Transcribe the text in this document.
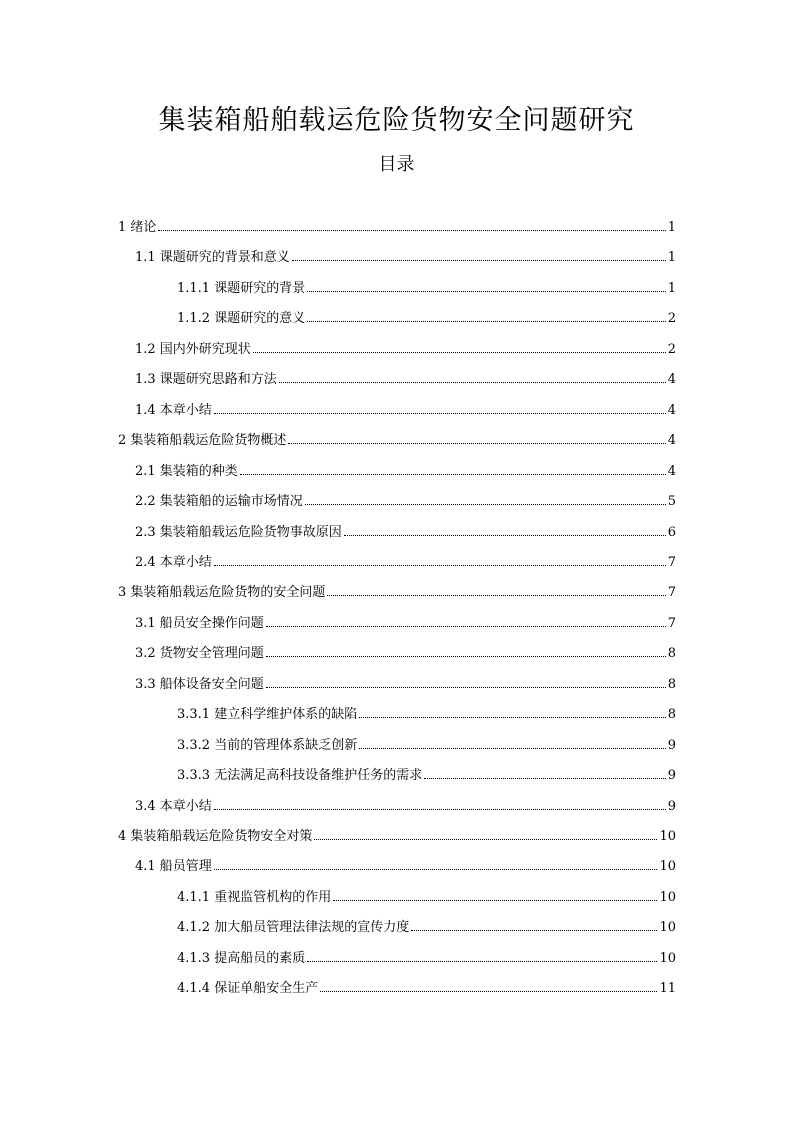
集装箱船舶载运危险货物安全问题研究
目录
1 绪论	1
1.1 课题研究的背景和意义	1
1.1.1 课题研究的背景	1
1.1.2 课题研究的意义	2
1.2 国内外研究现状	2
1.3 课题研究思路和方法	4
1.4 本章小结	4
2 集装箱船载运危险货物概述	4
2.1 集装箱的种类	4
2.2 集装箱船的运输市场情况	5
2.3 集装箱船载运危险货物事故原因	6
2.4 本章小结	7
3 集装箱船载运危险货物的安全问题	7
3.1 船员安全操作问题	7
3.2 货物安全管理问题	8
3.3 船体设备安全问题	8
3.3.1 建立科学维护体系的缺陷	8
3.3.2 当前的管理体系缺乏创新	9
3.3.3 无法满足高科技设备维护任务的需求	9
3.4 本章小结	9
4 集装箱船载运危险货物安全对策	10
4.1 船员管理	10
4.1.1 重视监管机构的作用	10
4.1.2 加大船员管理法律法规的宣传力度	10
4.1.3 提高船员的素质	10
4.1.4 保证单船安全生产	11
